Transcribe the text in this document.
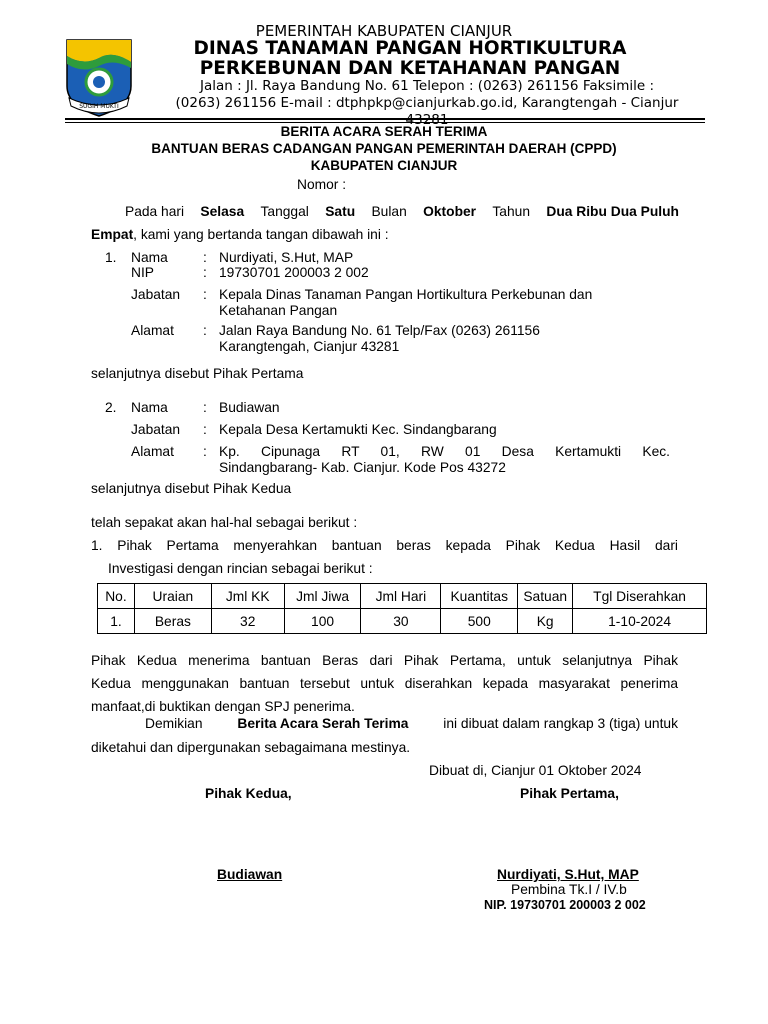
SUGIH MUKTI
PEMERINTAH KABUPATEN CIANJUR
DINAS TANAMAN PANGAN HORTIKULTURA
PERKEBUNAN DAN KETAHANAN PANGAN
Jalan : Jl. Raya Bandung No. 61 Telepon : (0263) 261156 Faksimile :
(0263) 261156 E-mail : dtphpkp@cianjurkab.go.id, Karangtengah - Cianjur
43281
BERITA ACARA SERAH TERIMA
BANTUAN BERAS CADANGAN PANGAN PEMERINTAH DAERAH (CPPD)
KABUPATEN CIANJUR
Nomor :
Pada hari Selasa Tanggal Satu Bulan Oktober Tahun Dua Ribu Dua Puluh
Empat, kami yang bertanda tangan dibawah ini :
1. Nama	: Nurdiyati, S.Hut, MAP
NIP	: 19730701 200003 2 002
Jabatan : Kepala Dinas Tanaman Pangan Hortikultura Perkebunan dan
Ketahanan Pangan
Alamat : Jalan Raya Bandung No. 61 Telp/Fax (0263) 261156
Karangtengah, Cianjur 43281
selanjutnya disebut Pihak Pertama
2. Nama	: Budiawan
Jabatan : Kepala Desa Kertamukti Kec. Sindangbarang
Alamat : Kp. Cipunaga RT 01, RW 01 Desa Kertamukti Kec.
Sindangbarang- Kab. Cianjur. Kode Pos 43272
selanjutnya disebut Pihak Kedua
telah sepakat akan hal-hal sebagai berikut :
1. Pihak Pertama menyerahkan bantuan beras kepada Pihak Kedua Hasil dari
Investigasi dengan rincian sebagai berikut :
No.	Uraian	Jml KK	Jml Jiwa	Jml Hari	Kuantitas	Satuan	Tgl Diserahkan
1.	Beras	32	100	30	500	Kg	1-10-2024
Pihak Kedua menerima bantuan Beras dari Pihak Pertama, untuk selanjutnya Pihak
Kedua menggunakan bantuan tersebut untuk diserahkan kepada masyarakat penerima
manfaat,di buktikan dengan SPJ penerima.
Demikian	Berita Acara Serah Terima	ini dibuat dalam rangkap 3 (tiga) untuk
diketahui dan dipergunakan sebagaimana mestinya.
Dibuat di, Cianjur 01 Oktober 2024
Pihak Kedua,	Pihak Pertama,
Budiawan	Nurdiyati, S.Hut, MAP
Pembina Tk.I / IV.b
NIP. 19730701 200003 2 002
